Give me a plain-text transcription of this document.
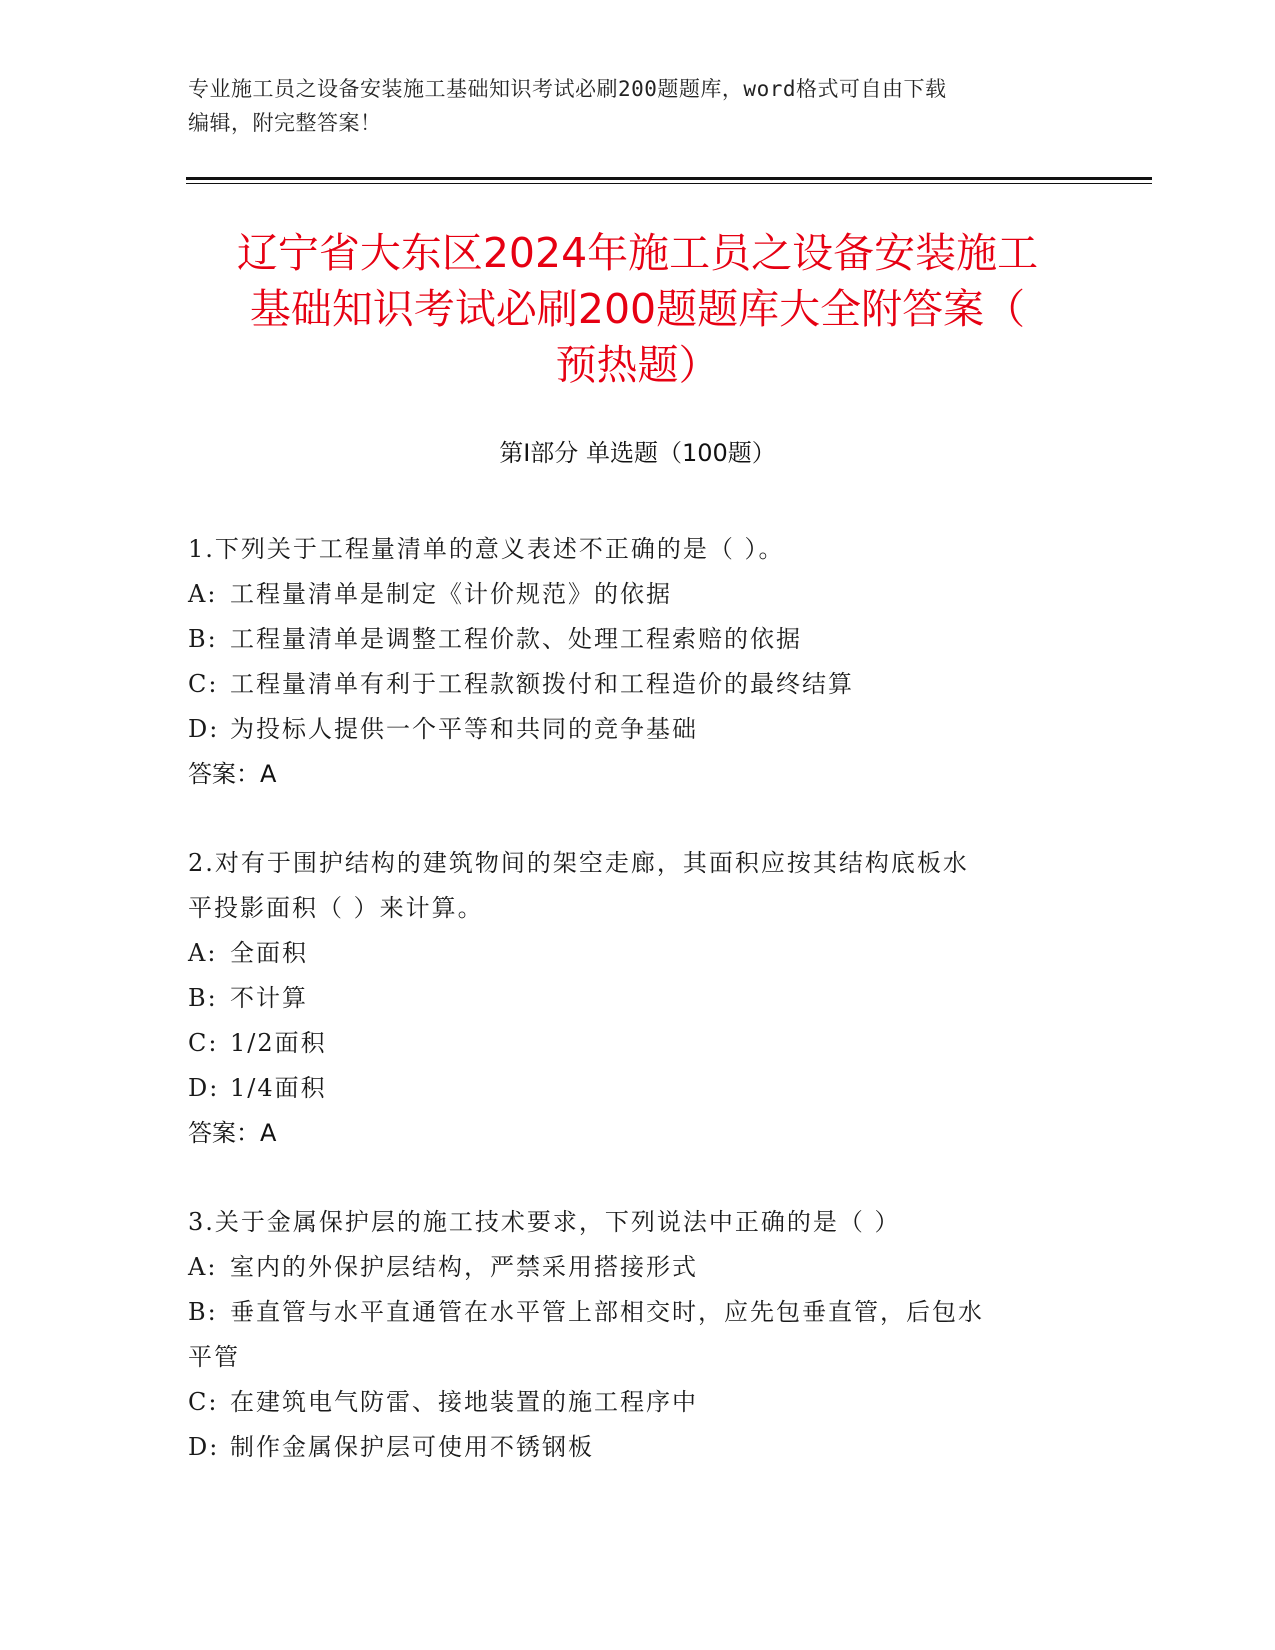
专业施工员之设备安装施工基础知识考试必刷200题题库，word格式可自由下载
编辑，附完整答案！
辽宁省大东区2024年施工员之设备安装施工
基础知识考试必刷200题题库大全附答案（
预热题）
第Ⅰ部分 单选题（100题）
1.下列关于工程量清单的意义表述不正确的是（ ）。
A: 工程量清单是制定《计价规范》的依据
B: 工程量清单是调整工程价款、处理工程索赔的依据
C: 工程量清单有利于工程款额拨付和工程造价的最终结算
D: 为投标人提供一个平等和共同的竞争基础
答案：A
2.对有于围护结构的建筑物间的架空走廊，其面积应按其结构底板水
平投影面积（ ）来计算。
A: 全面积
B: 不计算
C: 1/2面积
D: 1/4面积
答案：A
3.关于金属保护层的施工技术要求，下列说法中正确的是（ ）
A: 室内的外保护层结构，严禁采用搭接形式
B: 垂直管与水平直通管在水平管上部相交时，应先包垂直管，后包水
平管
C: 在建筑电气防雷、接地装置的施工程序中
D: 制作金属保护层可使用不锈钢板
